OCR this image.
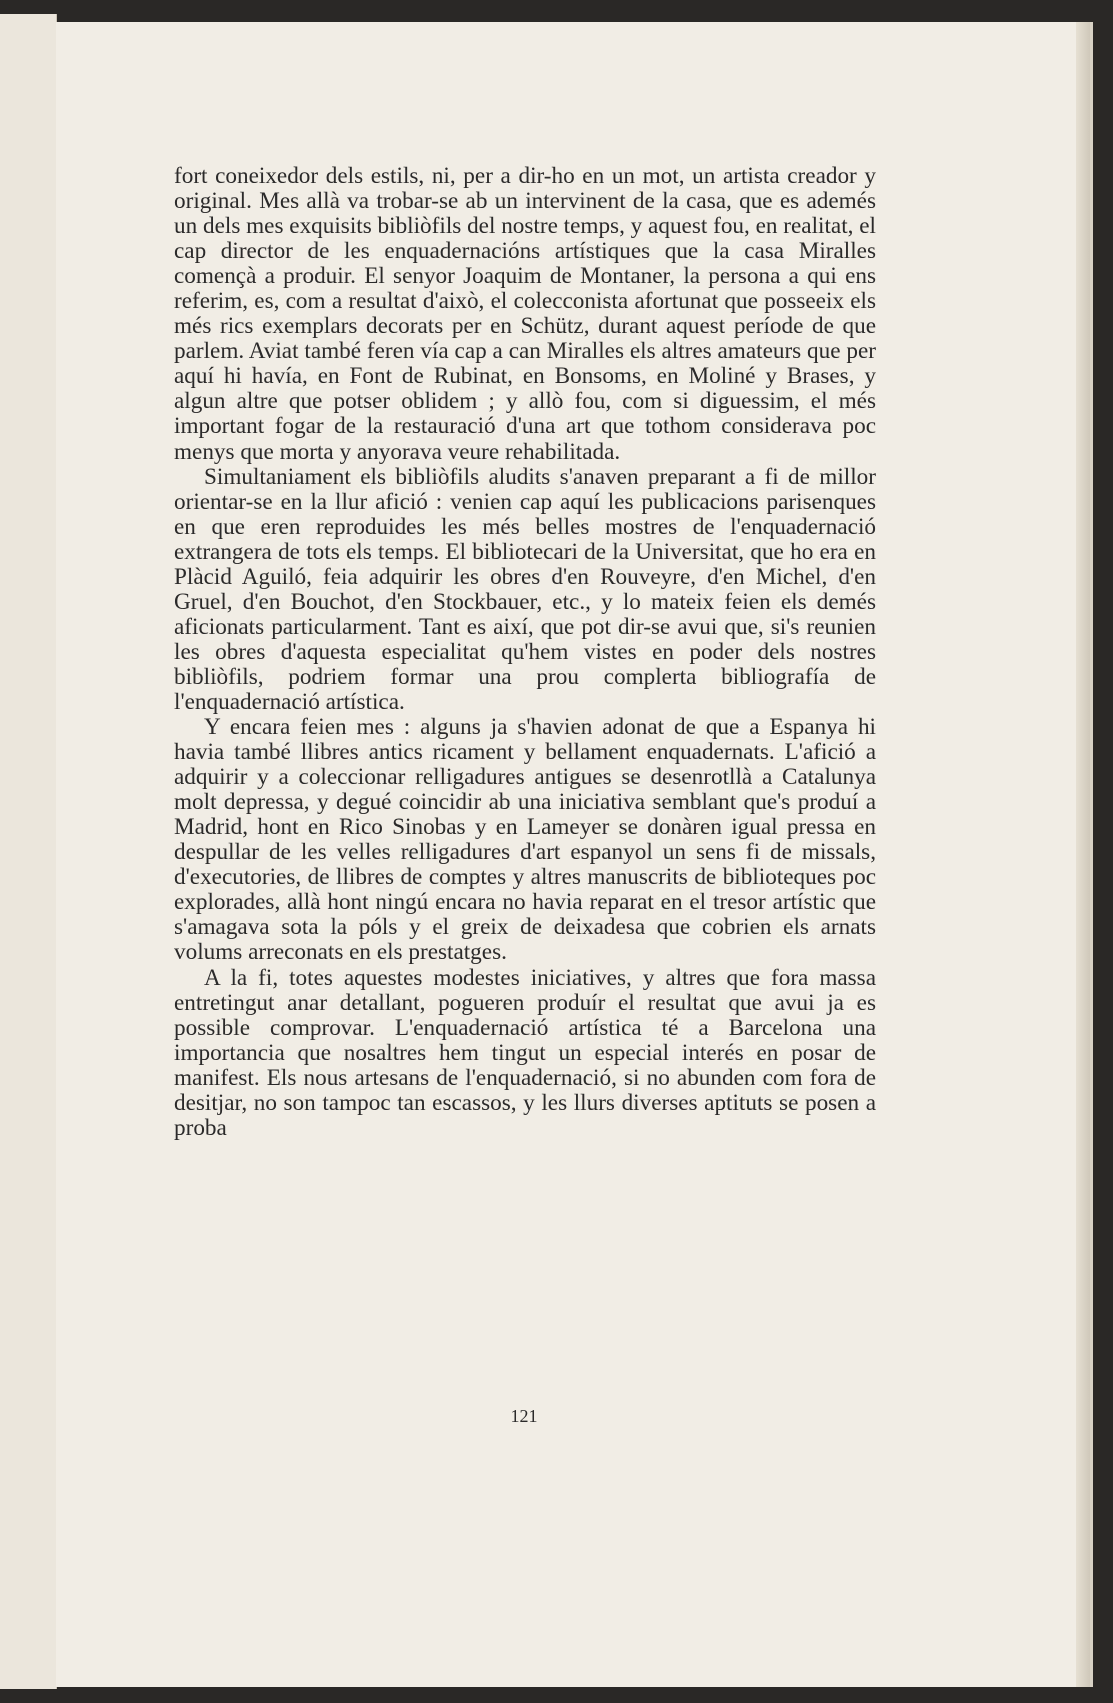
fort coneixedor dels estils, ni, per a dir-ho en un mot, un artista creador y original. Mes allà va trobar-se ab un intervinent de la casa, que es ademés un dels mes exquisits bibliòfils del nostre temps, y aquest fou, en realitat, el cap director de les enquadernacións artístiques que la casa Miralles començà a produir. El senyor Joaquim de Montaner, la persona a qui ens referim, es, com a resultat d'això, el colecconista afortunat que posseeix els més rics exemplars decorats per en Schütz, durant aquest període de que parlem. Aviat també feren vía cap a can Miralles els altres amateurs que per aquí hi havía, en Font de Rubinat, en Bonsoms, en Moliné y Brases, y algun altre que potser oblidem ; y allò fou, com si diguessim, el més important fogar de la restauració d'una art que tothom considerava poc menys que morta y anyorava veure rehabilitada.

Simultaniament els bibliòfils aludits s'anaven preparant a fi de millor orientar-se en la llur afició : venien cap aquí les publicacions parisenques en que eren reproduides les més belles mostres de l'enquadernació extrangera de tots els temps. El bibliotecari de la Universitat, que ho era en Plàcid Aguiló, feia adquirir les obres d'en Rouveyre, d'en Michel, d'en Gruel, d'en Bouchot, d'en Stockbauer, etc., y lo mateix feien els demés aficionats particularment. Tant es així, que pot dir-se avui que, si's reunien les obres d'aquesta especialitat qu'hem vistes en poder dels nostres bibliòfils, podriem formar una prou complerta bibliografía de l'enquadernació artística.

Y encara feien mes : alguns ja s'havien adonat de que a Espanya hi havia també llibres antics ricament y bellament enquadernats. L'afició a adquirir y a coleccionar relligadures antigues se desenrotllà a Catalunya molt depressa, y degué coincidir ab una iniciativa semblant que's produí a Madrid, hont en Rico Sinobas y en Lameyer se donàren igual pressa en despullar de les velles relligadures d'art espanyol un sens fi de missals, d'executories, de llibres de comptes y altres manuscrits de biblioteques poc explorades, allà hont ningú encara no havia reparat en el tresor artístic que s'amagava sota la póls y el greix de deixadesa que cobrien els arnats volums arreconats en els prestatges.

A la fi, totes aquestes modestes iniciatives, y altres que fora massa entretingut anar detallant, pogueren produír el resultat que avui ja es possible comprovar. L'enquadernació artística té a Barcelona una importancia que nosaltres hem tingut un especial interés en posar de manifest. Els nous artesans de l'enquadernació, si no abunden com fora de desitjar, no son tampoc tan escassos, y les llurs diverses aptituts se posen a proba

121
